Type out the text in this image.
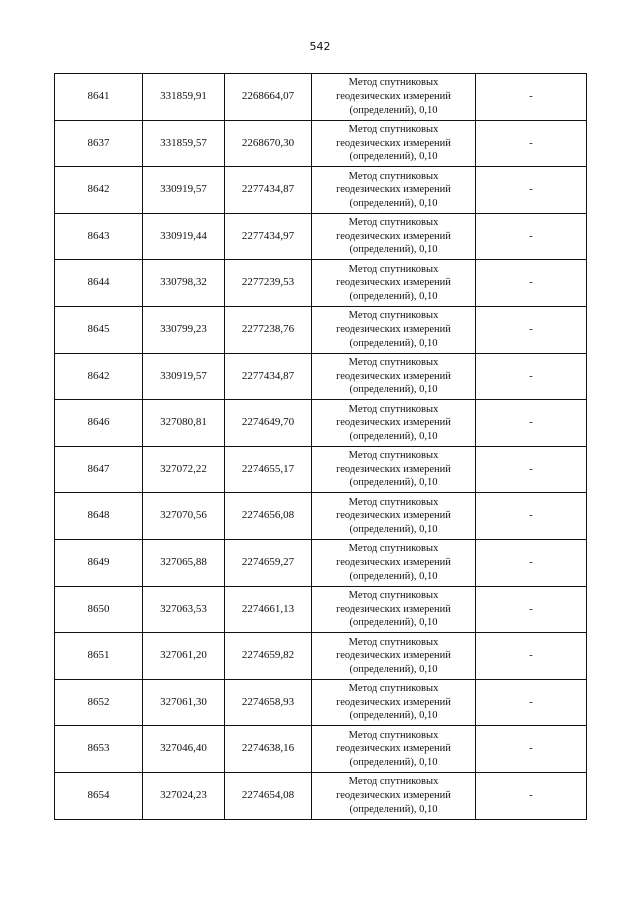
542
8641	331859,91	2268664,07	Метод спутниковых
геодезических измерений
(определений), 0,10	-
8637	331859,57	2268670,30	Метод спутниковых
геодезических измерений
(определений), 0,10	-
8642	330919,57	2277434,87	Метод спутниковых
геодезических измерений
(определений), 0,10	-
8643	330919,44	2277434,97	Метод спутниковых
геодезических измерений
(определений), 0,10	-
8644	330798,32	2277239,53	Метод спутниковых
геодезических измерений
(определений), 0,10	-
8645	330799,23	2277238,76	Метод спутниковых
геодезических измерений
(определений), 0,10	-
8642	330919,57	2277434,87	Метод спутниковых
геодезических измерений
(определений), 0,10	-
8646	327080,81	2274649,70	Метод спутниковых
геодезических измерений
(определений), 0,10	-
8647	327072,22	2274655,17	Метод спутниковых
геодезических измерений
(определений), 0,10	-
8648	327070,56	2274656,08	Метод спутниковых
геодезических измерений
(определений), 0,10	-
8649	327065,88	2274659,27	Метод спутниковых
геодезических измерений
(определений), 0,10	-
8650	327063,53	2274661,13	Метод спутниковых
геодезических измерений
(определений), 0,10	-
8651	327061,20	2274659,82	Метод спутниковых
геодезических измерений
(определений), 0,10	-
8652	327061,30	2274658,93	Метод спутниковых
геодезических измерений
(определений), 0,10	-
8653	327046,40	2274638,16	Метод спутниковых
геодезических измерений
(определений), 0,10	-
8654	327024,23	2274654,08	Метод спутниковых
геодезических измерений
(определений), 0,10	-
